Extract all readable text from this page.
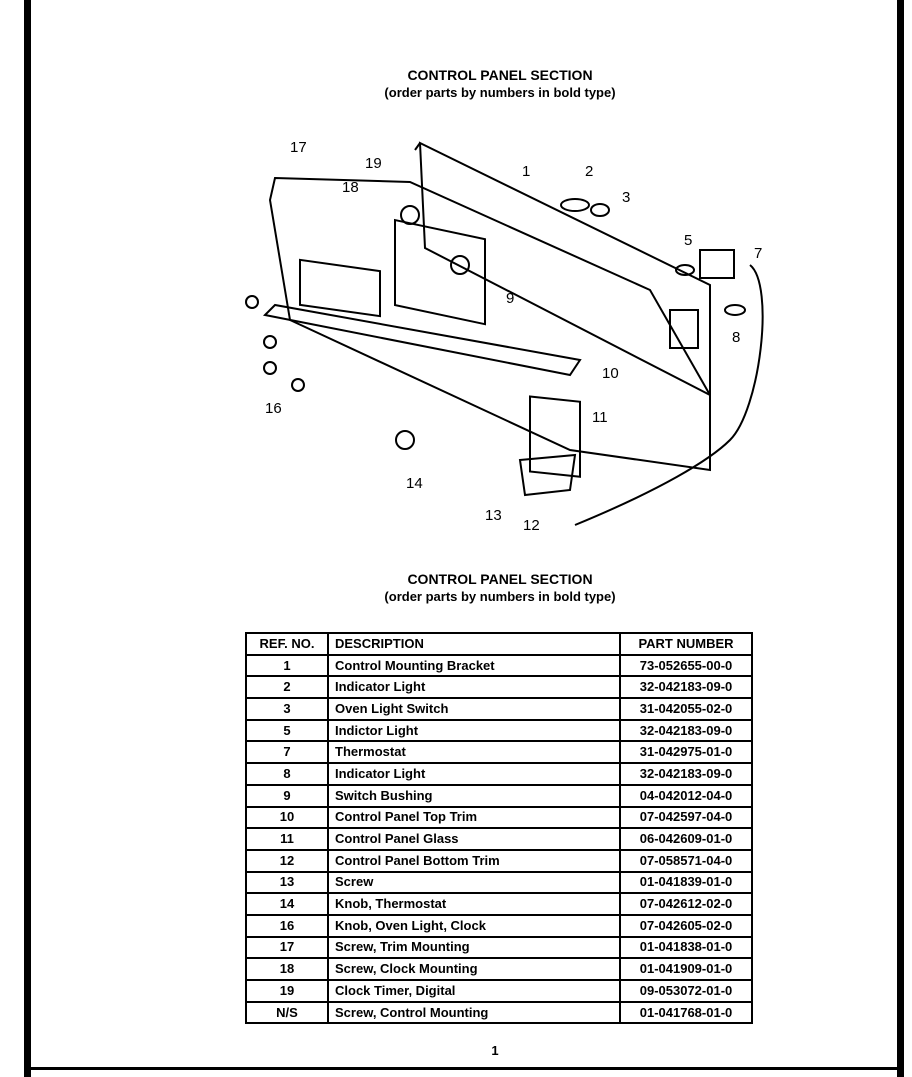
CONTROL PANEL SECTION
(order parts by numbers in bold type)
1	2
3
5
7
8
9
10
11
12
13
14
16
17
18
19
CONTROL PANEL SECTION
(order parts by numbers in bold type)
REF. NO.	DESCRIPTION	PART NUMBER
1	Control Mounting Bracket	73-052655-00-0
2	Indicator Light	32-042183-09-0
3	Oven Light Switch	31-042055-02-0
5	Indictor Light	32-042183-09-0
7	Thermostat	31-042975-01-0
8	Indicator Light	32-042183-09-0
9	Switch Bushing	04-042012-04-0
10	Control Panel Top Trim	07-042597-04-0
11	Control Panel Glass	06-042609-01-0
12	Control Panel Bottom Trim	07-058571-04-0
13	Screw	01-041839-01-0
14	Knob, Thermostat	07-042612-02-0
16	Knob, Oven Light, Clock	07-042605-02-0
17	Screw, Trim Mounting	01-041838-01-0
18	Screw, Clock Mounting	01-041909-01-0
19	Clock Timer, Digital	09-053072-01-0
N/S	Screw, Control Mounting	01-041768-01-0
1
